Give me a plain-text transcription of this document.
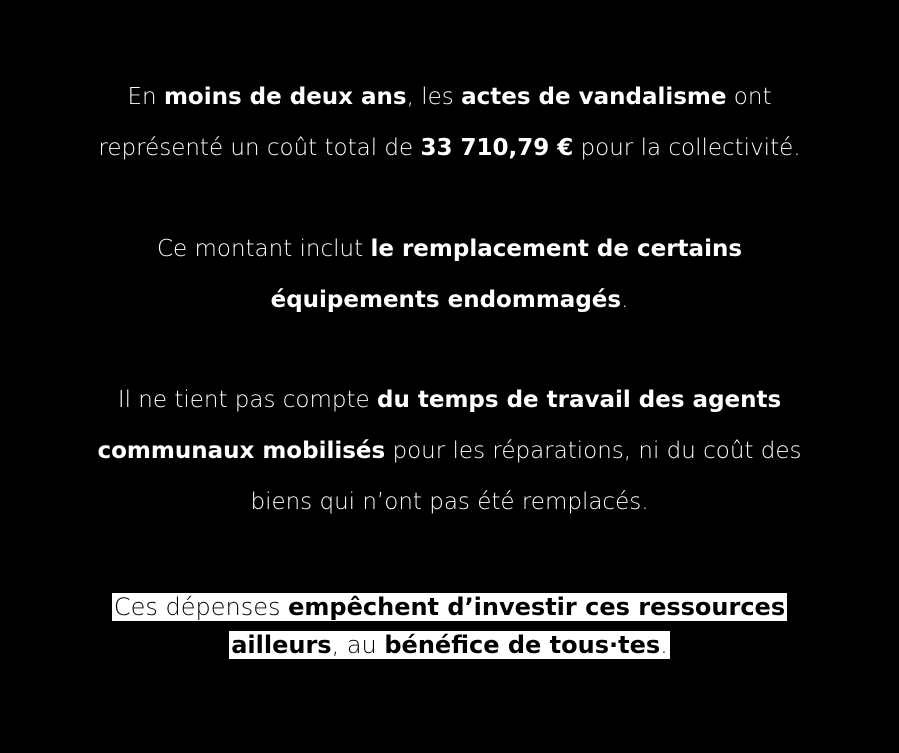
En moins de deux ans, les actes de vandalisme ont
représenté un coût total de 33 710,79 € pour la collectivité.

Ce montant inclut le remplacement de certains
équipements endommagés.

Il ne tient pas compte du temps de travail des agents
communaux mobilisés pour les réparations, ni du coût des
biens qui n’ont pas été remplacés.

Ces dépenses empêchent d’investir ces ressources
ailleurs, au bénéfice de tous·tes.
